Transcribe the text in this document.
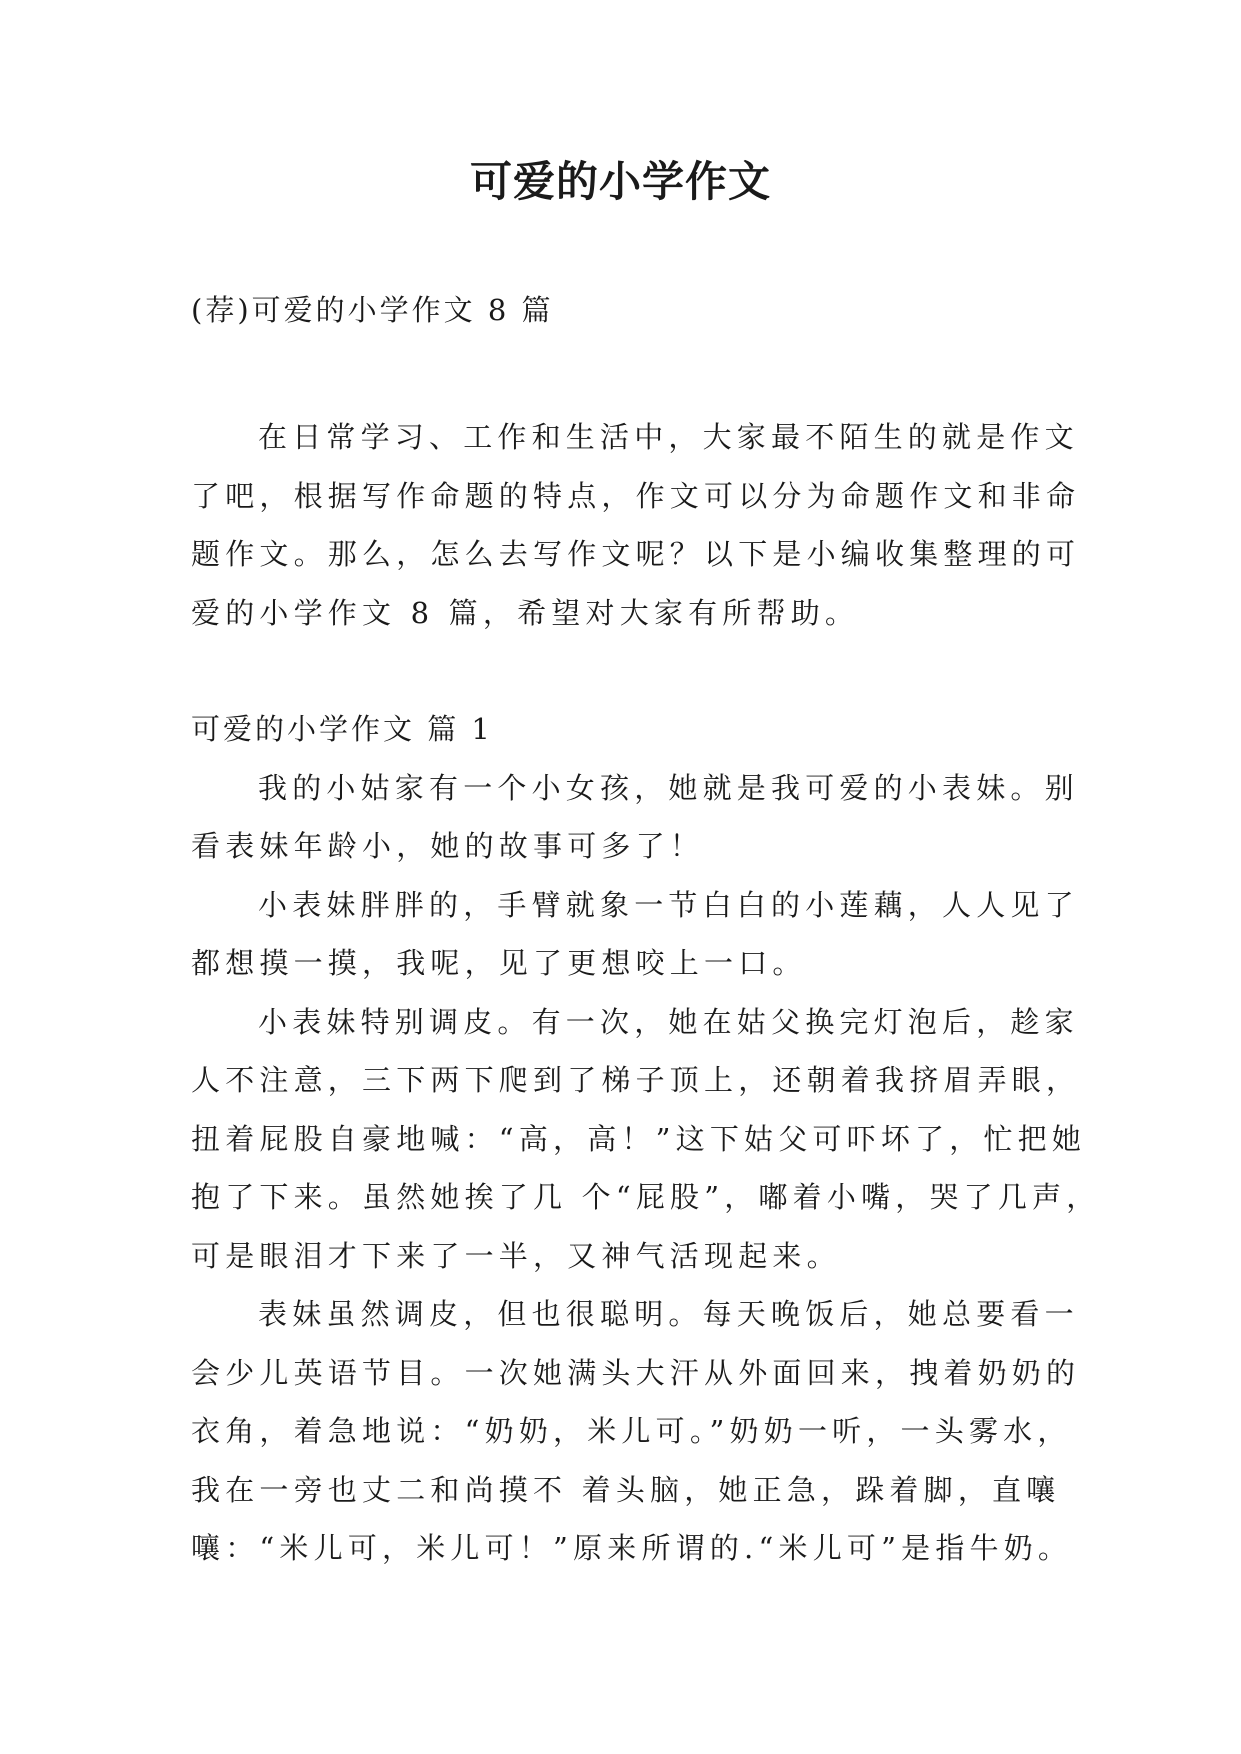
可爱的小学作文
(荐)可爱的小学作文 8 篇
在日常学习、工作和生活中，大家最不陌生的就是作文
了吧，根据写作命题的特点，作文可以分为命题作文和非命
题作文。那么，怎么去写作文呢？以下是小编收集整理的可
爱的小学作文 8 篇，希望对大家有所帮助。
可爱的小学作文 篇 1
我的小姑家有一个小女孩，她就是我可爱的小表妹。别
看表妹年龄小，她的故事可多了！
小表妹胖胖的，手臂就象一节白白的小莲藕，人人见了
都想摸一摸，我呢，见了更想咬上一口。
小表妹特别调皮。有一次，她在姑父换完灯泡后，趁家
人不注意，三下两下爬到了梯子顶上，还朝着我挤眉弄眼，
扭着屁股自豪地喊：“高，高！”这下姑父可吓坏了，忙把她
抱了下来。虽然她挨了几 个“屁股”，嘟着小嘴，哭了几声，
可是眼泪才下来了一半，又神气活现起来。
表妹虽然调皮，但也很聪明。每天晚饭后，她总要看一
会少儿英语节目。一次她满头大汗从外面回来，拽着奶奶的
衣角，着急地说：“奶奶，米儿可。”奶奶一听，一头雾水，
我在一旁也丈二和尚摸不 着头脑，她正急，跺着脚，直嚷
嚷：“米儿可，米儿可！”原来所谓的.“米儿可”是指牛奶。
